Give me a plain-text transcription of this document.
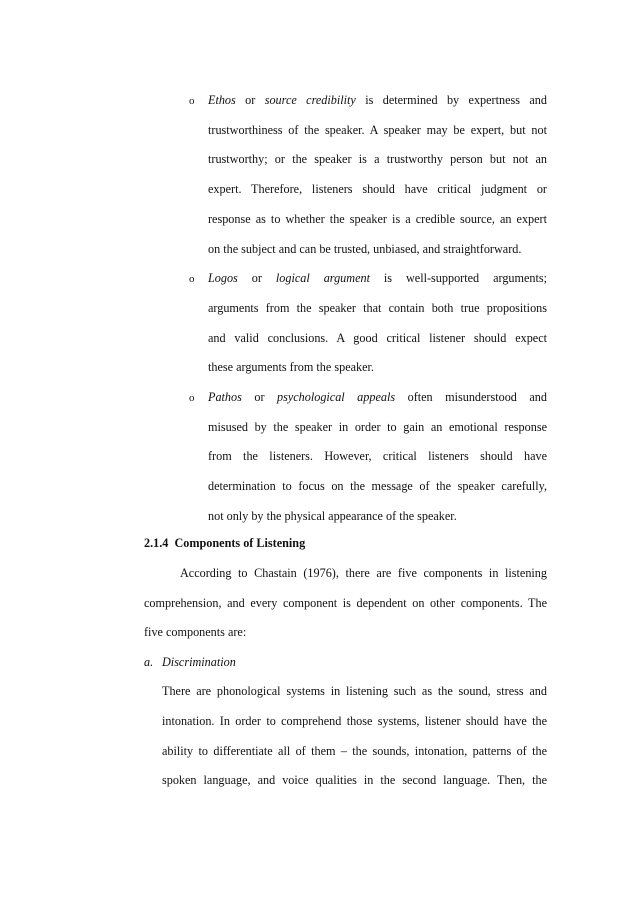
o Ethos or source credibility is determined by expertness and
trustworthiness of the speaker. A speaker may be expert, but not
trustworthy; or the speaker is a trustworthy person but not an
expert. Therefore, listeners should have critical judgment or
response as to whether the speaker is a credible source, an expert
on the subject and can be trusted, unbiased, and straightforward.
o Logos or logical argument is well-supported arguments;
arguments from the speaker that contain both true propositions
and valid conclusions. A good critical listener should expect
these arguments from the speaker.
o Pathos or psychological appeals often misunderstood and
misused by the speaker in order to gain an emotional response
from the listeners. However, critical listeners should have
determination to focus on the message of the speaker carefully,
not only by the physical appearance of the speaker.
2.1.4  Components of Listening
According to Chastain (1976), there are five components in listening
comprehension, and every component is dependent on other components. The
five components are:
a. Discrimination
There are phonological systems in listening such as the sound, stress and
intonation. In order to comprehend those systems, listener should have the
ability to differentiate all of them – the sounds, intonation, patterns of the
spoken language, and voice qualities in the second language. Then, the
